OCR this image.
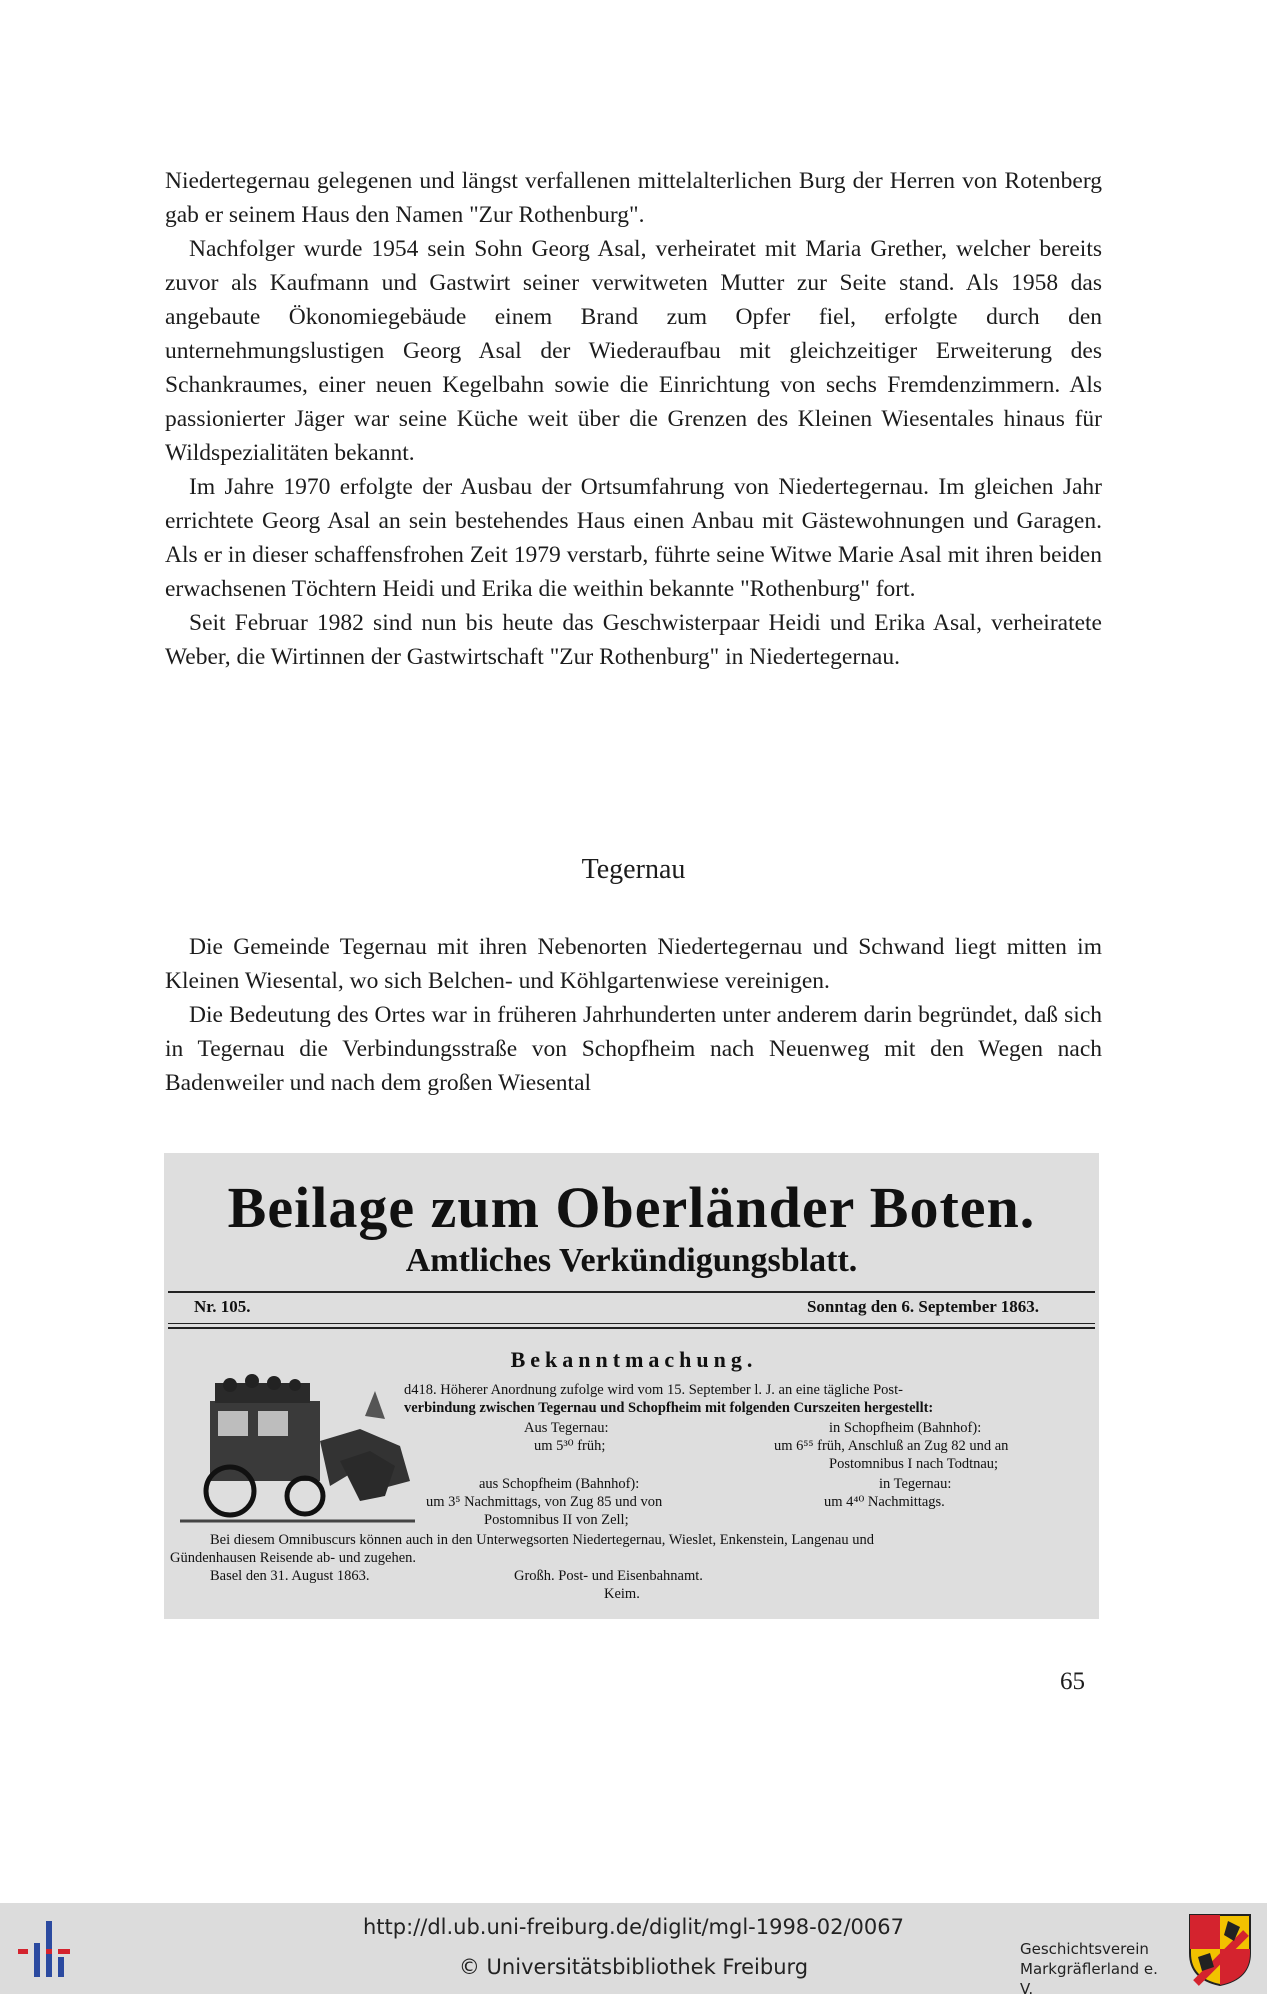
Niedertegernau gelegenen und längst verfallenen mittelalterlichen Burg der Herren von Rotenberg gab er seinem Haus den Namen "Zur Rothenburg".

Nachfolger wurde 1954 sein Sohn Georg Asal, verheiratet mit Maria Grether, welcher bereits zuvor als Kaufmann und Gastwirt seiner verwitweten Mutter zur Seite stand. Als 1958 das angebaute Ökonomiegebäude einem Brand zum Opfer fiel, erfolgte durch den unternehmungslustigen Georg Asal der Wiederaufbau mit gleichzeitiger Erweiterung des Schankraumes, einer neuen Kegelbahn sowie die Einrichtung von sechs Fremdenzimmern. Als passionierter Jäger war seine Küche weit über die Grenzen des Kleinen Wiesentales hinaus für Wildspezialitäten bekannt.

Im Jahre 1970 erfolgte der Ausbau der Ortsumfahrung von Niedertegernau. Im gleichen Jahr errichtete Georg Asal an sein bestehendes Haus einen Anbau mit Gästewohnungen und Garagen. Als er in dieser schaffensfrohen Zeit 1979 verstarb, führte seine Witwe Marie Asal mit ihren beiden erwachsenen Töchtern Heidi und Erika die weithin bekannte "Rothenburg" fort.

Seit Februar 1982 sind nun bis heute das Geschwisterpaar Heidi und Erika Asal, verheiratete Weber, die Wirtinnen der Gastwirtschaft "Zur Rothenburg" in Niedertegernau.

Tegernau

Die Gemeinde Tegernau mit ihren Nebenorten Niedertegernau und Schwand liegt mitten im Kleinen Wiesental, wo sich Belchen- und Köhlgartenwiese vereinigen.

Die Bedeutung des Ortes war in früheren Jahrhunderten unter anderem darin begründet, daß sich in Tegernau die Verbindungsstraße von Schopfheim nach Neuenweg mit den Wegen nach Badenweiler und nach dem großen Wiesental

Beilage zum Oberländer Boten.
Amtliches Verkündigungsblatt.
Nr. 105.	Sonntag den 6. September 1863.
Bekanntmachung.
d418. Höherer Anordnung zufolge wird vom 15. September l. J. an eine tägliche Post-
verbindung zwischen Tegernau und Schopfheim mit folgenden Curszeiten hergestellt:
Aus Tegernau:	in Schopfheim (Bahnhof):
um 5³⁰ früh;	um 6⁵⁵ früh, Anschluß an Zug 82 und an
Postomnibus I nach Todtnau;
aus Schopfheim (Bahnhof):	in Tegernau:
um 3⁵ Nachmittags, von Zug 85 und von	um 4⁴⁰ Nachmittags.
Postomnibus II von Zell;
Bei diesem Omnibuscurs können auch in den Unterwegsorten Niedertegernau, Wieslet, Enkenstein, Langenau und
Gündenhausen Reisende ab- und zugehen.
Basel den 31. August 1863.	Großh. Post- und Eisenbahnamt.
Keim.
65
http://dl.ub.uni-freiburg.de/diglit/mgl-1998-02/0067
© Universitätsbibliothek Freiburg
Geschichtsverein
Markgräflerland e. V.
